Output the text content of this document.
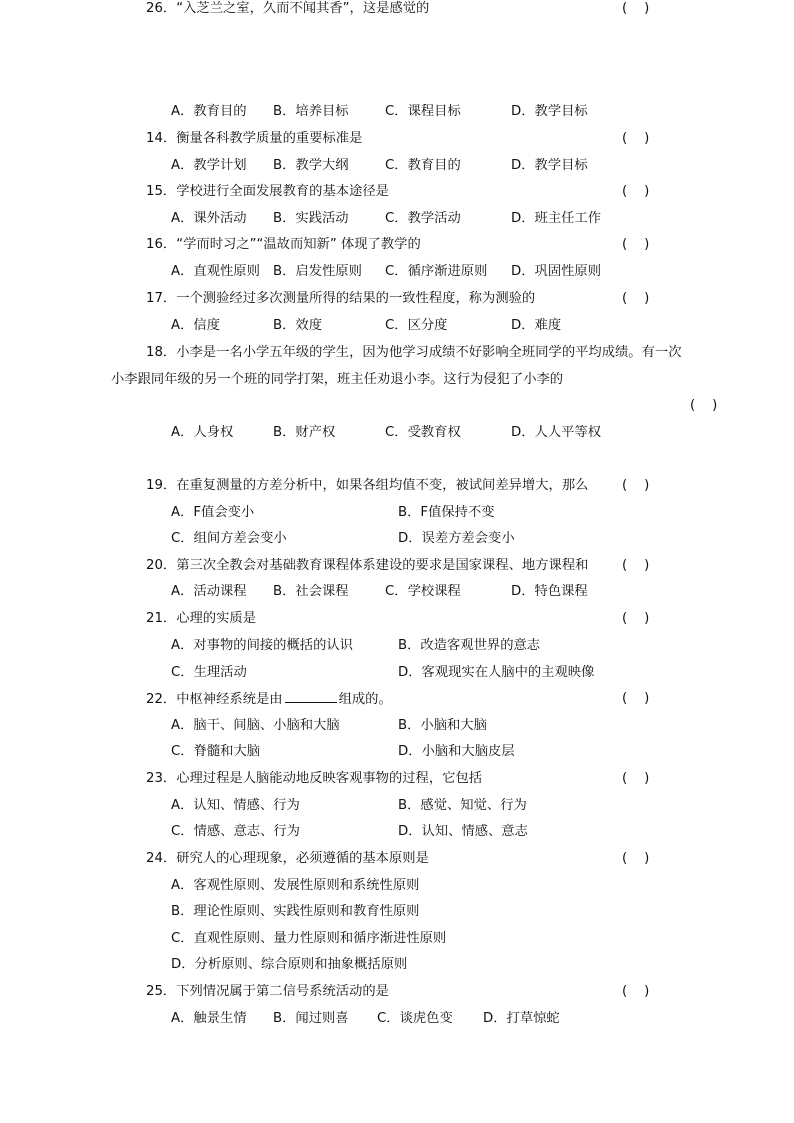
A．教育目的 B．培养目标	C．课程目标	D．教学目标
14．衡量各科教学质量的重要标准是	(    )
A．教学计划 B．教学大纲	C．教育目的	D．教学目标
15．学校进行全面发展教育的基本途径是	(    )
A．课外活动 B．实践活动	C．教学活动	D．班主任工作
16．“学而时习之”“温故而知新” 体现了教学的	(    )
A．直观性原则 B．启发性原则 C．循序渐进原则 D．巩固性原则
17．一个测验经过多次测量所得的结果的一致性程度，称为测验的	(    )
A．信度	B．效度	C．区分度	D．难度
18．小李是一名小学五年级的学生，因为他学习成绩不好影响全班同学的平均成绩。有一次
小李跟同年级的另一个班的同学打架，班主任劝退小李。这行为侵犯了小李的
(    )
A．人身权	B．财产权	C．受教育权	D．人人平等权
19．在重复测量的方差分析中，如果各组均值不变，被试间差异增大，那么	(    )
A．F值会变小	B．F值保持不变
C．组间方差会变小	D．误差方差会变小
20．第三次全教会对基础教育课程体系建设的要求是国家课程、地方课程和	(    )
A．活动课程 B．社会课程	C．学校课程	D．特色课程
21．心理的实质是	(    )
A．对事物的间接的概括的认识	B．改造客观世界的意志
C．生理活动	D．客观现实在人脑中的主观映像
22．中枢神经系统是由	组成的。	(    )
A．脑干、间脑、小脑和大脑	B．小脑和大脑
C．脊髓和大脑	D．小脑和大脑皮层
23．心理过程是人脑能动地反映客观事物的过程，它包括	(    )
A．认知、情感、行为	B．感觉、知觉、行为
C．情感、意志、行为	D．认知、情感、意志
24．研究人的心理现象，必须遵循的基本原则是	(    )
A．客观性原则、发展性原则和系统性原则
B．理论性原则、实践性原则和教育性原则
C．直观性原则、量力性原则和循序渐进性原则
D．分析原则、综合原则和抽象概括原则
25．下列情况属于第二信号系统活动的是	(    )
A．触景生情 B．闻过则喜 C．谈虎色变 D．打草惊蛇
26．“入芝兰之室，久而不闻其香”，这是感觉的	(    )
